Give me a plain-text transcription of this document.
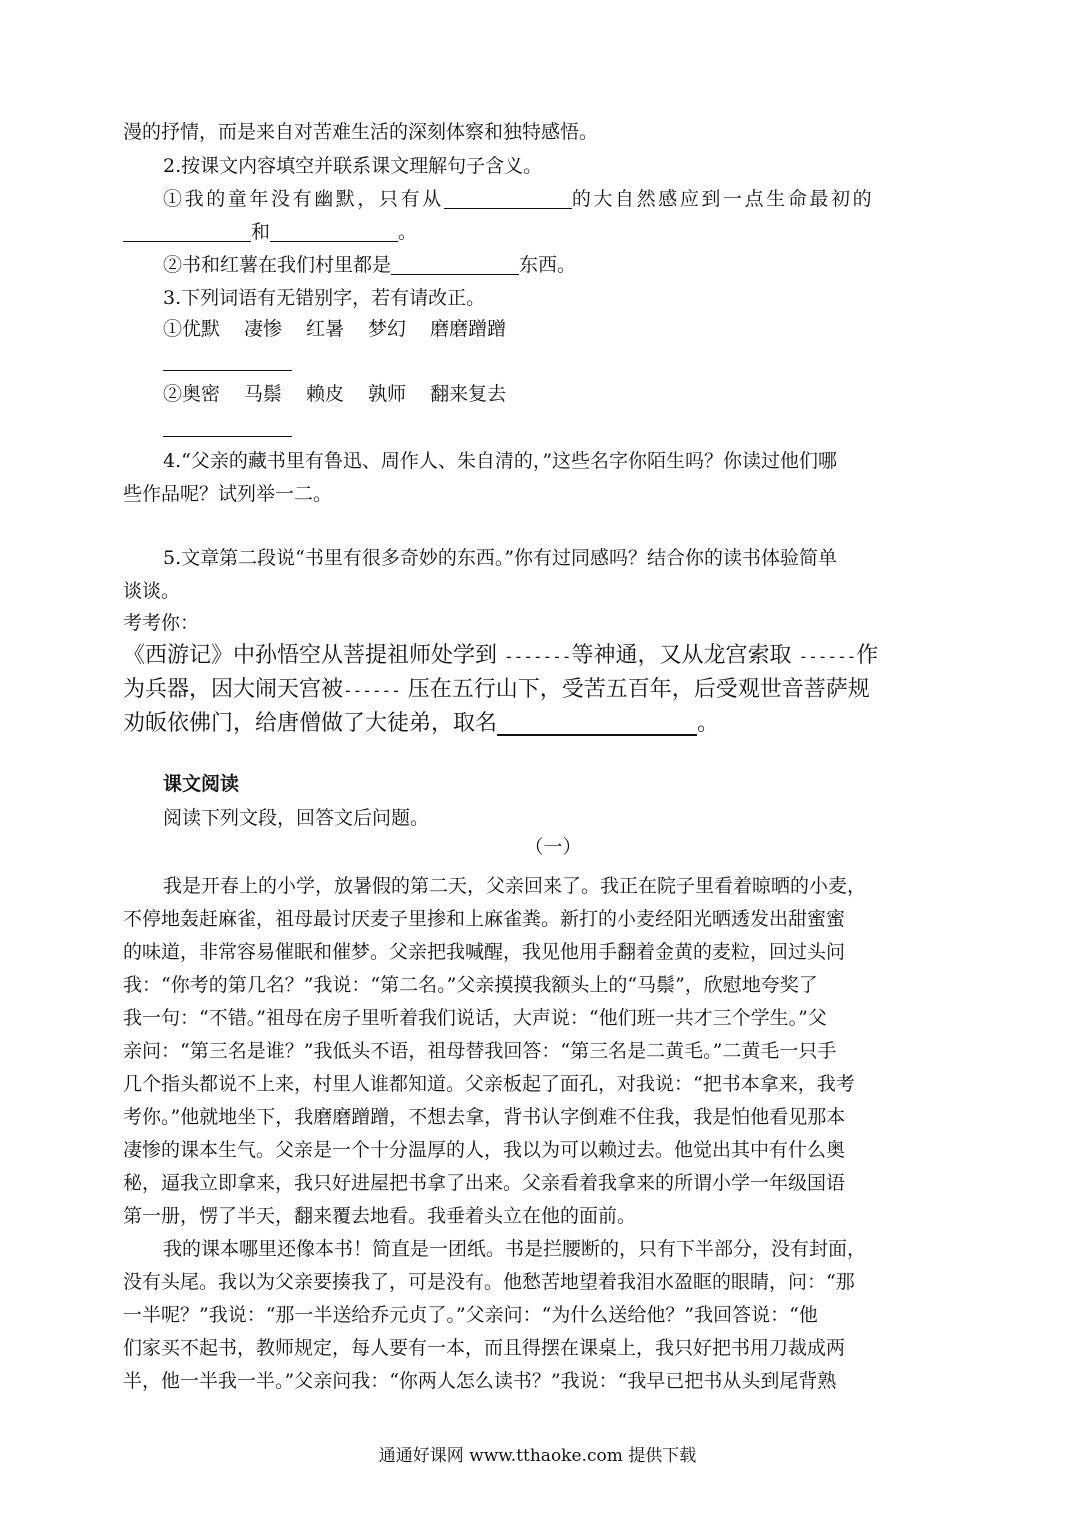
漫的抒情，而是来自对苦难生活的深刻体察和独特感悟。
2.按课文内容填空并联系课文理解句子含义。
①我的童年没有幽默，只有从	的大自然感应到一点生命最初的
和	。
②书和红薯在我们村里都是	东西。
3.下列词语有无错别字，若有请改正。
①优默 凄惨 红暑 梦幻 磨磨蹭蹭
②奥密 马鬃 赖皮 孰师 翻来复去
4.“父亲的藏书里有鲁迅、周作人、朱自清的，”这些名字你陌生吗？你读过他们哪
些作品呢？试列举一二。
5.文章第二段说“书里有很多奇妙的东西。”你有过同感吗？结合你的读书体验简单
谈谈。
考考你：
《西游记》中孙悟空从菩提祖师处学到 -------等神通，又从龙宫索取 ------作
为兵器，因大闹天宫被------ 压在五行山下，受苦五百年，后受观世音菩萨规
劝皈依佛门，给唐僧做了大徒弟，取名	。
课文阅读
阅读下列文段，回答文后问题。
（一）
我是开春上的小学，放暑假的第二天，父亲回来了。我正在院子里看着晾晒的小麦，
不停地轰赶麻雀，祖母最讨厌麦子里掺和上麻雀粪。新打的小麦经阳光晒透发出甜蜜蜜
的味道，非常容易催眠和催梦。父亲把我喊醒，我见他用手翻着金黄的麦粒，回过头问
我：“你考的第几名？”我说：“第二名。”父亲摸摸我额头上的“马鬃”，欣慰地夸奖了
我一句：“不错。”祖母在房子里听着我们说话，大声说：“他们班一共才三个学生。”父
亲问：“第三名是谁？”我低头不语，祖母替我回答：“第三名是二黄毛。”二黄毛一只手
几个指头都说不上来，村里人谁都知道。父亲板起了面孔，对我说：“把书本拿来，我考
考你。”他就地坐下，我磨磨蹭蹭，不想去拿，背书认字倒难不住我，我是怕他看见那本
凄惨的课本生气。父亲是一个十分温厚的人，我以为可以赖过去。他觉出其中有什么奥
秘，逼我立即拿来，我只好进屋把书拿了出来。父亲看着我拿来的所谓小学一年级国语
第一册，愣了半天，翻来覆去地看。我垂着头立在他的面前。
我的课本哪里还像本书！简直是一团纸。书是拦腰断的，只有下半部分，没有封面，
没有头尾。我以为父亲要揍我了，可是没有。他愁苦地望着我泪水盈眶的眼睛，问：“那
一半呢？”我说：“那一半送给乔元贞了。”父亲问：“为什么送给他？”我回答说：“他
们家买不起书，教师规定，每人要有一本，而且得摆在课桌上，我只好把书用刀裁成两
半，他一半我一半。”父亲问我：“你两人怎么读书？”我说：“我早已把书从头到尾背熟
通通好课网 www.tthaoke.com 提供下载
